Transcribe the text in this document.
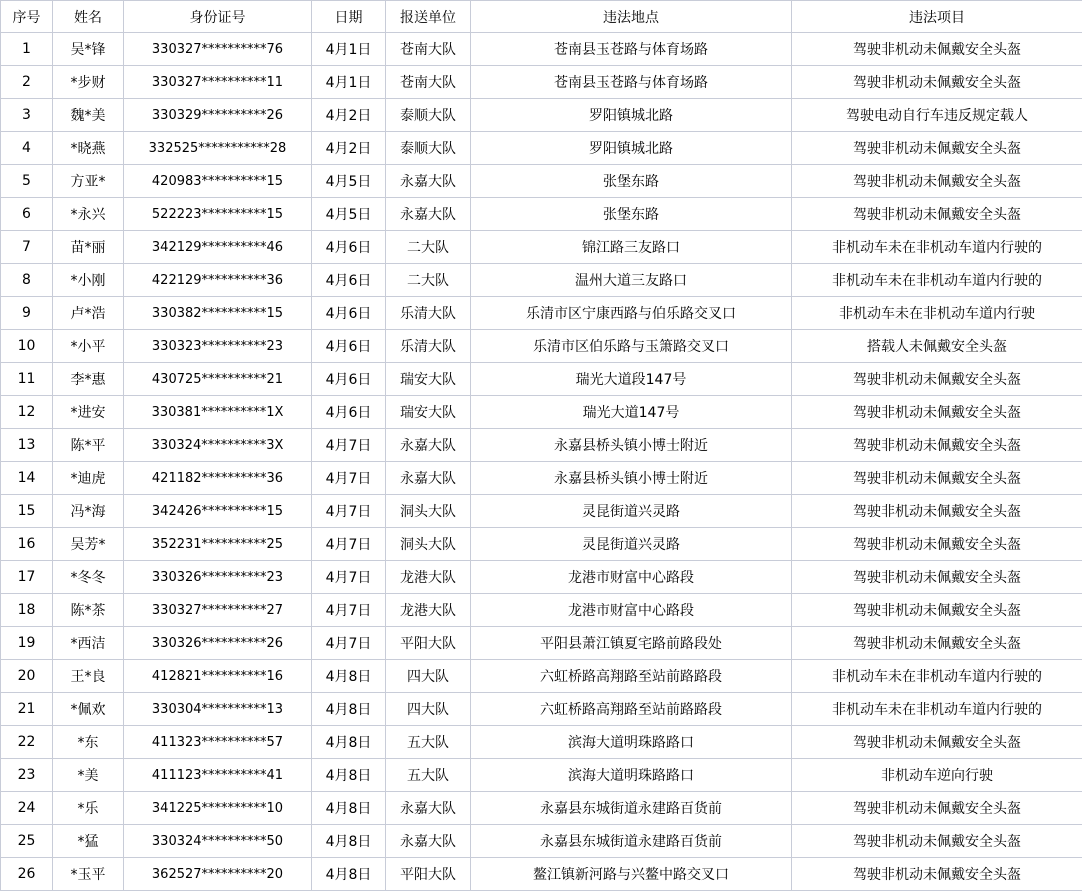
序号	姓名	身份证号	日期	报送单位	违法地点	违法项目
1	吴*锋	330327**********76	4月1日	苍南大队	苍南县玉苍路与体育场路	驾驶非机动未佩戴安全头盔
2	*步财	330327**********11	4月1日	苍南大队	苍南县玉苍路与体育场路	驾驶非机动未佩戴安全头盔
3	魏*美	330329**********26	4月2日	泰顺大队	罗阳镇城北路	驾驶电动自行车违反规定载人
4	*晓燕	332525***********28	4月2日	泰顺大队	罗阳镇城北路	驾驶非机动未佩戴安全头盔
5	方亚*	420983**********15	4月5日	永嘉大队	张堡东路	驾驶非机动未佩戴安全头盔
6	*永兴	522223**********15	4月5日	永嘉大队	张堡东路	驾驶非机动未佩戴安全头盔
7	苗*丽	342129**********46	4月6日	二大队	锦江路三友路口	非机动车未在非机动车道内行驶的
8	*小刚	422129**********36	4月6日	二大队	温州大道三友路口	非机动车未在非机动车道内行驶的
9	卢*浩	330382**********15	4月6日	乐清大队	乐清市区宁康西路与伯乐路交叉口	非机动车未在非机动车道内行驶
10	*小平	330323**********23	4月6日	乐清大队	乐清市区伯乐路与玉箫路交叉口	搭载人未佩戴安全头盔
11	李*惠	430725**********21	4月6日	瑞安大队	瑞光大道段147号	驾驶非机动未佩戴安全头盔
12	*进安	330381**********1X	4月6日	瑞安大队	瑞光大道147号	驾驶非机动未佩戴安全头盔
13	陈*平	330324**********3X	4月7日	永嘉大队	永嘉县桥头镇小博士附近	驾驶非机动未佩戴安全头盔
14	*迪虎	421182**********36	4月7日	永嘉大队	永嘉县桥头镇小博士附近	驾驶非机动未佩戴安全头盔
15	冯*海	342426**********15	4月7日	洞头大队	灵昆街道兴灵路	驾驶非机动未佩戴安全头盔
16	吴芳*	352231**********25	4月7日	洞头大队	灵昆街道兴灵路	驾驶非机动未佩戴安全头盔
17	*冬冬	330326**********23	4月7日	龙港大队	龙港市财富中心路段	驾驶非机动未佩戴安全头盔
18	陈*茶	330327**********27	4月7日	龙港大队	龙港市财富中心路段	驾驶非机动未佩戴安全头盔
19	*西洁	330326**********26	4月7日	平阳大队	平阳县萧江镇夏宅路前路段处	驾驶非机动未佩戴安全头盔
20	王*良	412821**********16	4月8日	四大队	六虹桥路高翔路至站前路路段	非机动车未在非机动车道内行驶的
21	*佩欢	330304**********13	4月8日	四大队	六虹桥路高翔路至站前路路段	非机动车未在非机动车道内行驶的
22	*东	411323**********57	4月8日	五大队	滨海大道明珠路路口	驾驶非机动未佩戴安全头盔
23	*美	411123**********41	4月8日	五大队	滨海大道明珠路路口	非机动车逆向行驶
24	*乐	341225**********10	4月8日	永嘉大队	永嘉县东城街道永建路百货前	驾驶非机动未佩戴安全头盔
25	*猛	330324**********50	4月8日	永嘉大队	永嘉县东城街道永建路百货前	驾驶非机动未佩戴安全头盔
26	*玉平	362527**********20	4月8日	平阳大队	鳌江镇新河路与兴鳌中路交叉口	驾驶非机动未佩戴安全头盔
